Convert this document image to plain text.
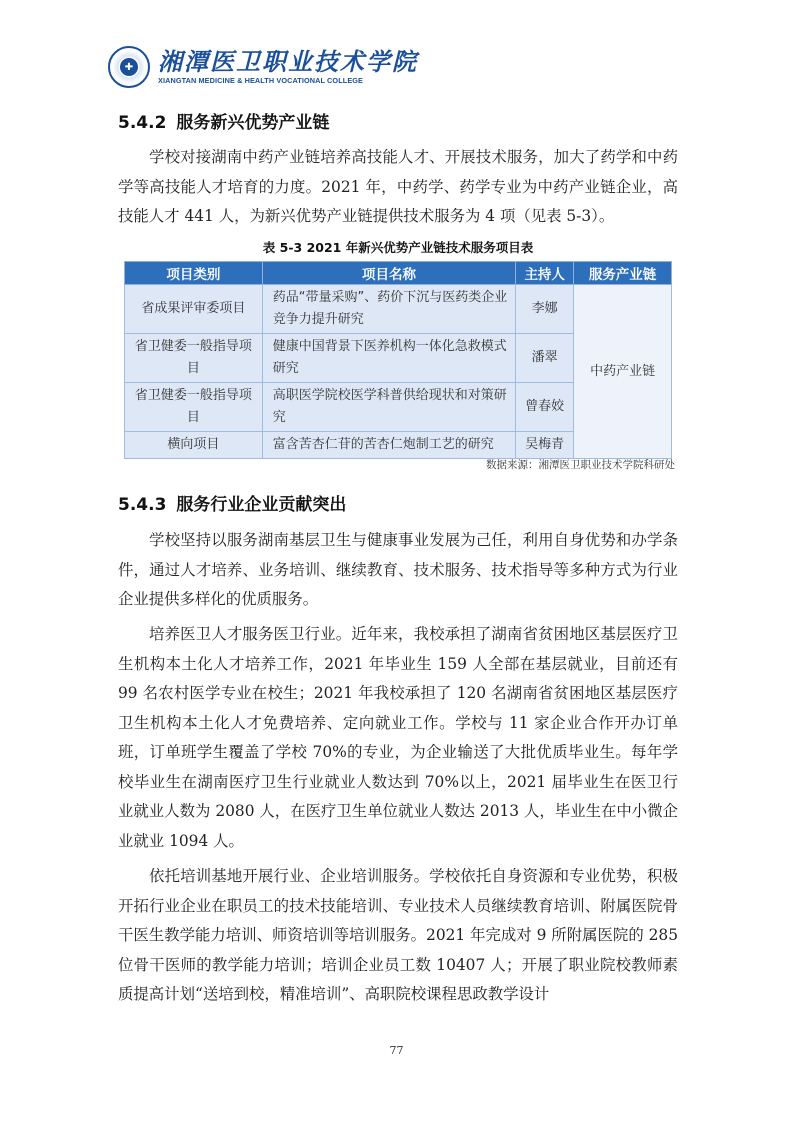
✚ 湘潭医卫职业技术学院
XIANGTAN MEDICINE & HEALTH VOCATIONAL COLLEGE
5.4.2 服务新兴优势产业链
学校对接湖南中药产业链培养高技能人才、开展技术服务，加大了药学和中药学等高技能人才培育的力度。2021 年，中药学、药学专业为中药产业链企业，高技能人才 441 人，为新兴优势产业链提供技术服务为 4 项（见表 5-3）。
表 5-3 2021 年新兴优势产业链技术服务项目表
项目类别	项目名称	主持人	服务产业链
省成果评审委项目	药品“带量采购”、药价下沉与医药类企业竞争力提升研究	李娜	中药产业链
省卫健委一般指导项目	健康中国背景下医养机构一体化急救模式研究	潘翠	
省卫健委一般指导项目	高职医学院校医学科普供给现状和对策研究	曾春姣	
横向项目	富含苦杏仁苷的苦杏仁炮制工艺的研究	吴梅青	
数据来源：湘潭医卫职业技术学院科研处
5.4.3 服务行业企业贡献突出
学校坚持以服务湖南基层卫生与健康事业发展为己任，利用自身优势和办学条件，通过人才培养、业务培训、继续教育、技术服务、技术指导等多种方式为行业企业提供多样化的优质服务。
培养医卫人才服务医卫行业。近年来，我校承担了湖南省贫困地区基层医疗卫生机构本土化人才培养工作，2021 年毕业生 159 人全部在基层就业，目前还有 99 名农村医学专业在校生；2021 年我校承担了 120 名湖南省贫困地区基层医疗卫生机构本土化人才免费培养、定向就业工作。学校与 11 家企业合作开办订单班，订单班学生覆盖了学校 70%的专业，为企业输送了大批优质毕业生。每年学校毕业生在湖南医疗卫生行业就业人数达到 70%以上，2021 届毕业生在医卫行业就业人数为 2080 人，在医疗卫生单位就业人数达 2013 人，毕业生在中小微企业就业 1094 人。
依托培训基地开展行业、企业培训服务。学校依托自身资源和专业优势，积极开拓行业企业在职员工的技术技能培训、专业技术人员继续教育培训、附属医院骨干医生教学能力培训、师资培训等培训服务。2021 年完成对 9 所附属医院的 285 位骨干医师的教学能力培训；培训企业员工数 10407 人；开展了职业院校教师素质提高计划“送培到校，精准培训”、高职院校课程思政教学设计
77
